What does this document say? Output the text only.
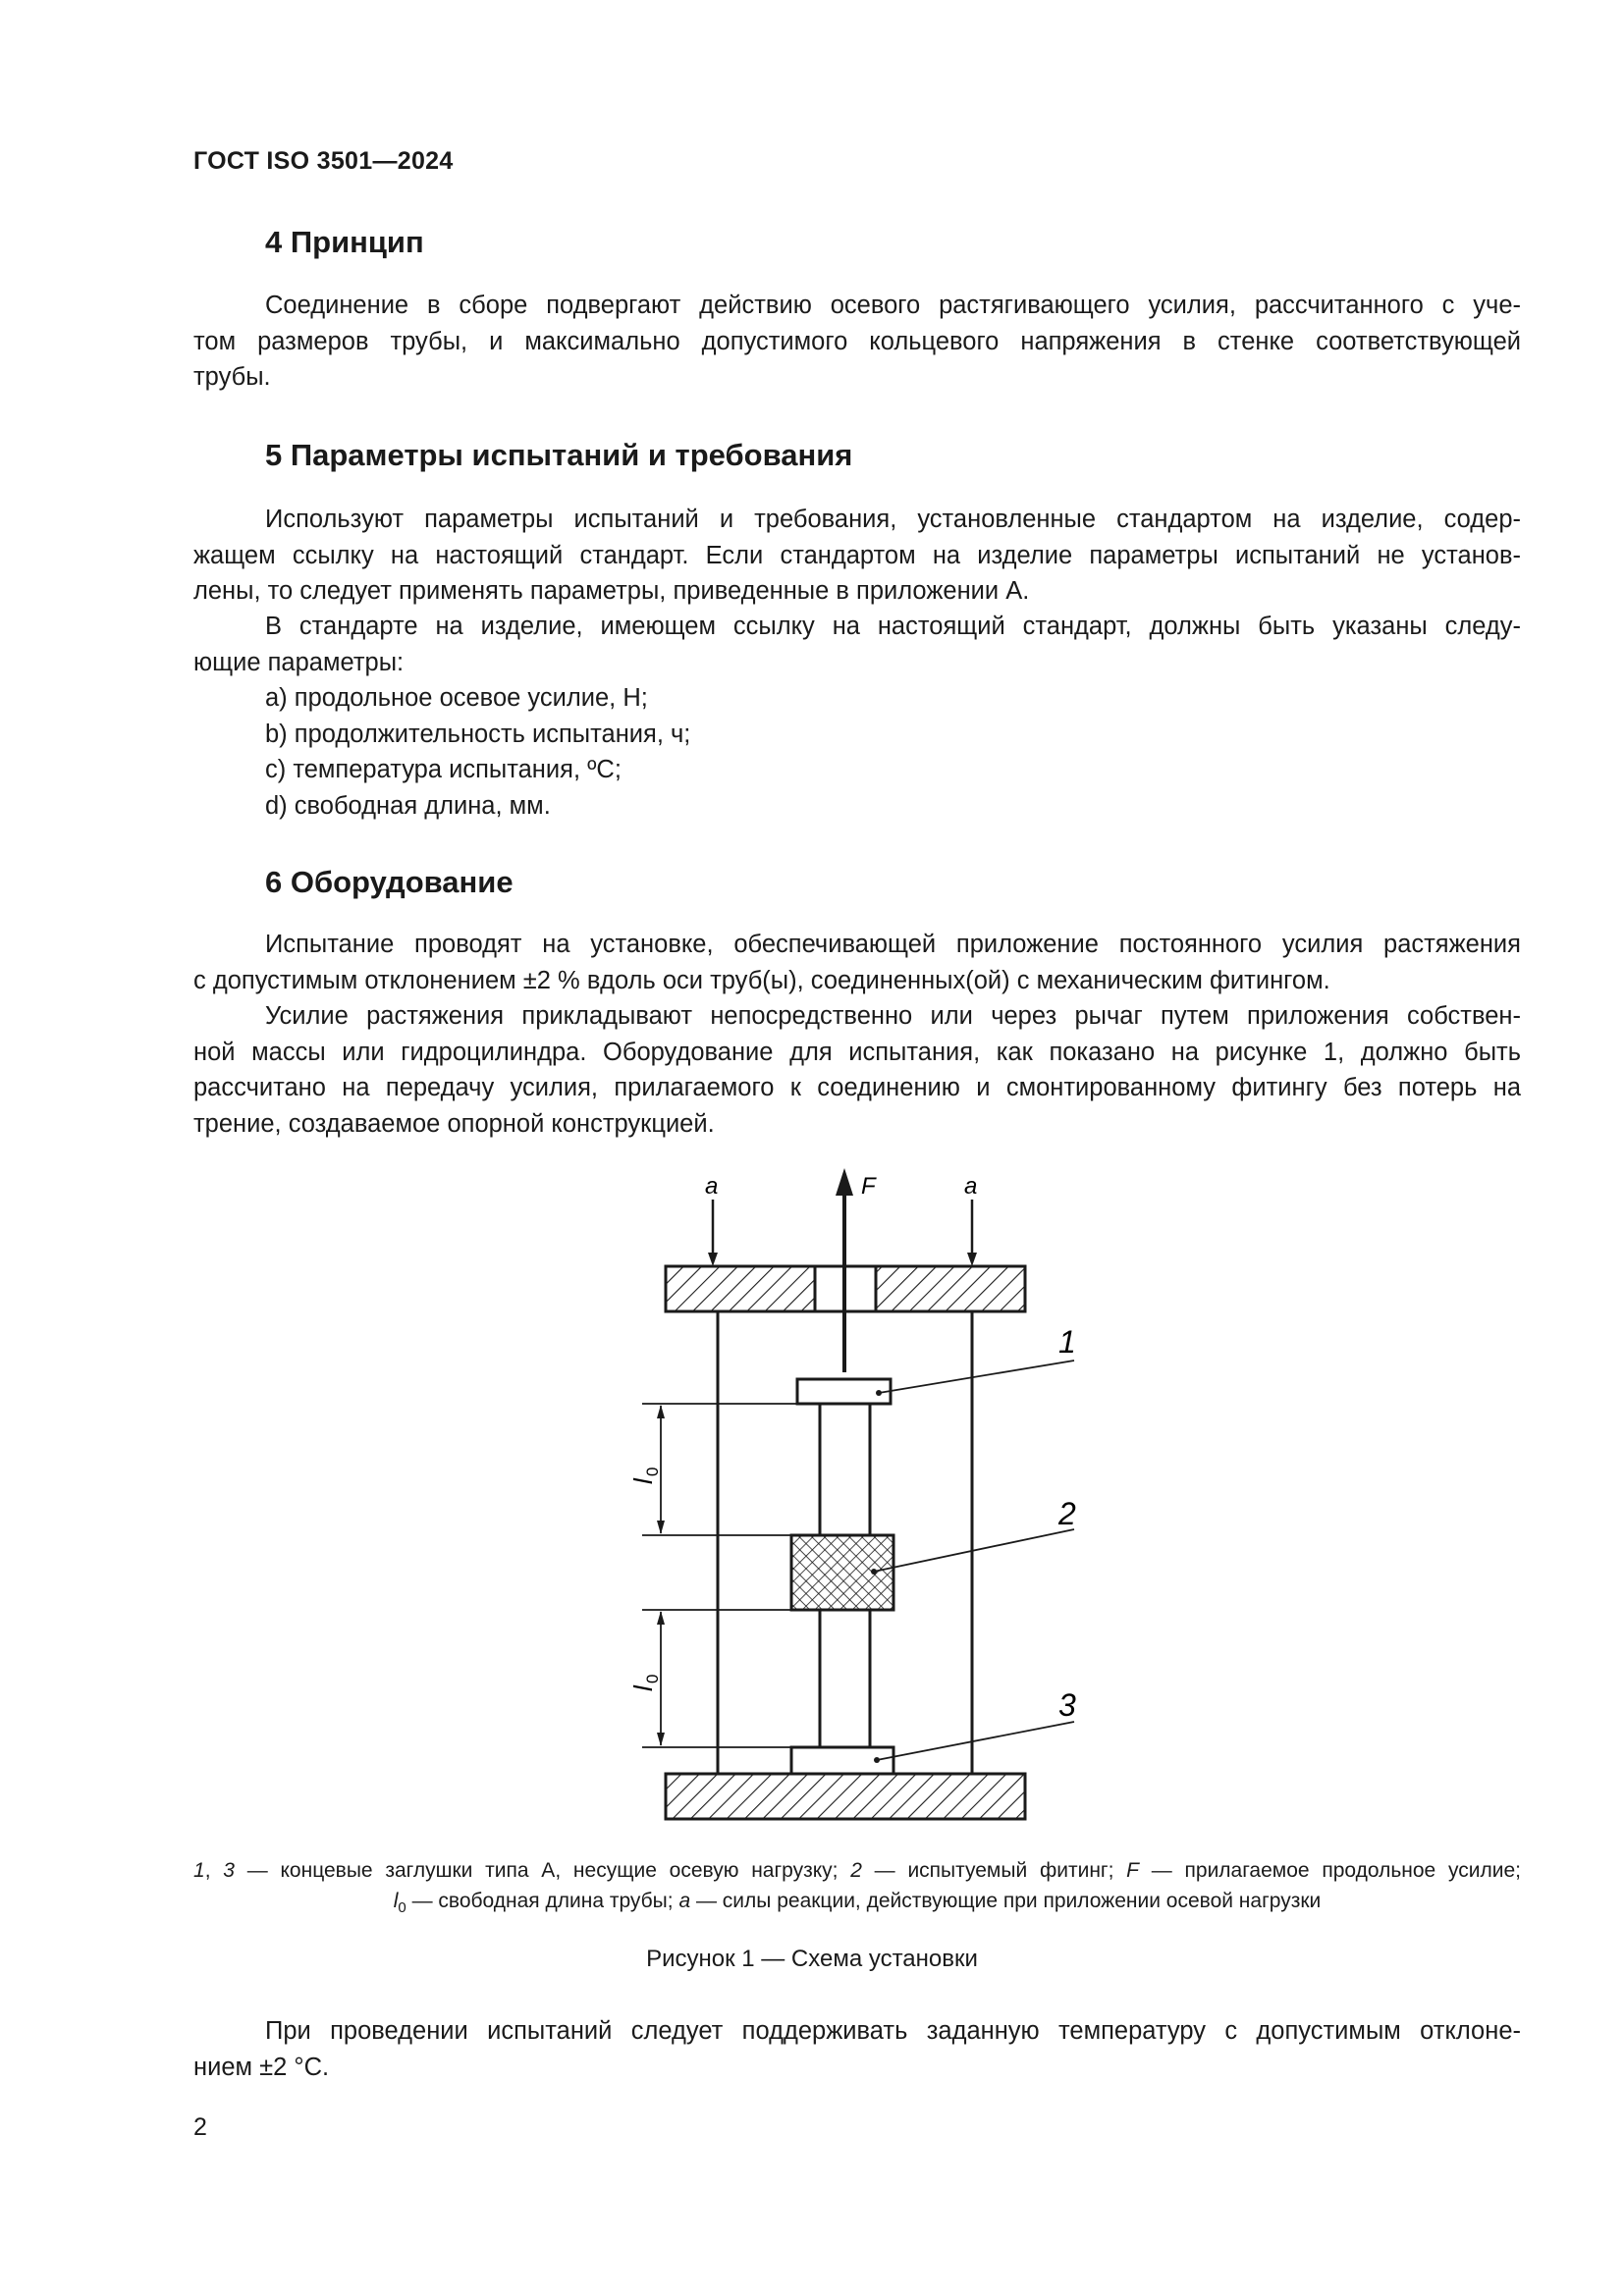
ГОСТ ISO 3501—2024
4 Принцип
Соединение в сборе подвергают действию осевого растягивающего усилия, рассчитанного с уче-
том размеров трубы, и максимально допустимого кольцевого напряжения в стенке соответствующей
трубы.
5 Параметры испытаний и требования
Используют параметры испытаний и требования, установленные стандартом на изделие, содер-
жащем ссылку на настоящий стандарт. Если стандартом на изделие параметры испытаний не установ-
лены, то следует применять параметры, приведенные в приложении А.
В стандарте на изделие, имеющем ссылку на настоящий стандарт, должны быть указаны следу-
ющие параметры:
a) продольное осевое усилие, Н;
b) продолжительность испытания, ч;
c) температура испытания, ºС;
d) свободная длина, мм.
6 Оборудование
Испытание проводят на установке, обеспечивающей приложение постоянного усилия растяжения
с допустимым отклонением ±2 % вдоль оси труб(ы), соединенных(ой) с механическим фитингом.
Усилие растяжения прикладывают непосредственно или через рычаг путем приложения собствен-
ной массы или гидроцилиндра. Оборудование для испытания, как показано на рисунке 1, должно быть
рассчитано на передачу усилия, прилагаемого к соединению и смонтированному фитингу без потерь на
трение, создаваемое опорной конструкцией.
a	a
F
1
2
3
l
0
l
0
1, 3 — концевые заглушки типа А, несущие осевую нагрузку; 2 — испытуемый фитинг; F — прилагаемое продольное усилие;
$l_0$ — свободная длина трубы; a — силы реакции, действующие при приложении осевой нагрузки
Рисунок 1 — Схема установки
При проведении испытаний следует поддерживать заданную температуру с допустимым отклоне-
нием ±2 °С.
2
